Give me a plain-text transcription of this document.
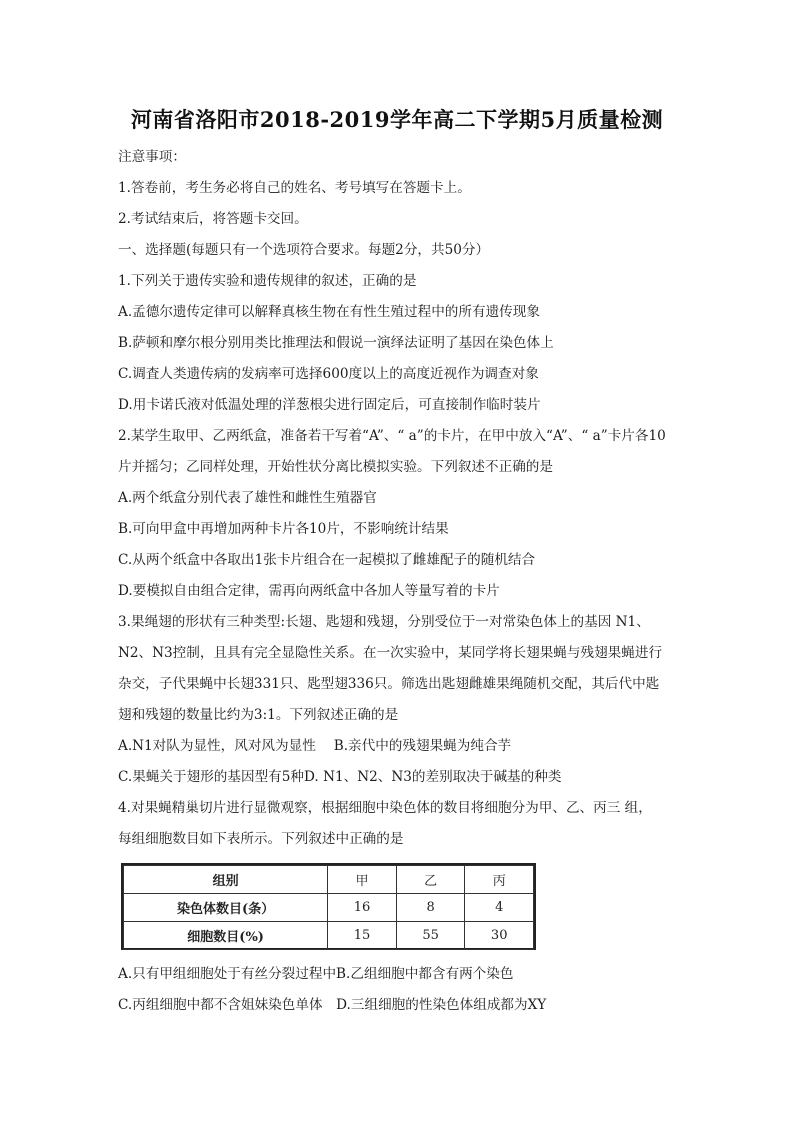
河南省洛阳市2018-2019学年高二下学期5月质量检测
注意事项：
1.答卷前，考生务必将自己的姓名、考号填写在答题卡上。
2.考试结束后，将答题卡交回。
一、选择题(每题只有一个选项符合要求。每题2分，共50分）
1.下列关于遗传实验和遗传规律的叙述，正确的是
A.孟德尔遗传定律可以解释真核生物在有性生殖过程中的所有遗传现象
B.萨顿和摩尔根分别用类比推理法和假说一演绎法证明了基因在染色体上
C.调査人类遗传病的发病率可选择600度以上的高度近视作为调查对象
D.用卡诺氏液对低温处理的洋葱根尖进行固定后，可直接制作临时装片
2.某学生取甲、乙两纸盒，准备若干写着“A”、“ a”的卡片，在甲中放入“A”、“ a”卡片各10
片并摇匀；乙同样处理，开始性状分离比模拟实验。下列叙述不正确的是
A.两个纸盒分别代表了雄性和雌性生殖器官
B.可向甲盒中再增加两种卡片各10片，不影响统计结果
C.从两个纸盒中各取出1张卡片组合在一起模拟了雌雄配子的随机结合
D.要模拟自由组合定律，需再向两纸盒中各加人等量写着的卡片
3.果绳翅的形状有三种类型:长翅、匙翅和残翅，分别受位于一对常染色体上的基因 N1、
N2、N3控制，且具有完全显隐性关系。在一次实验中，某同学将长翅果蝇与残翅果蝇进行
杂交，子代果蝇中长翅331只、匙型翅336只。筛选出匙翅雌雄果绳随机交配，其后代中匙
翅和残翅的数量比约为3:1。下列叙述正确的是
A.N1对队为显性，风对风为显性　 B.亲代中的残翅果蝇为纯合芋
C.果蝇关于翅形的基因型有5种D. N1、N2、N3的差别取决于碱基的种类
4.对果蝇精巢切片进行显微观察，根据细胞中染色体的数目将细胞分为甲、乙、丙三 组，
每组细胞数目如下表所示。下列叙述中正确的是
组别	甲	乙	丙
染色体数目(条）	16	8	4
细胞数目(%)	15	55	30
A.只有甲组细胞处于有丝分裂过程中B.乙组细胞中都含有两个染色
C.丙组细胞中都不含姐妹染色单体　D.三组细胞的性染色体组成都为XY
